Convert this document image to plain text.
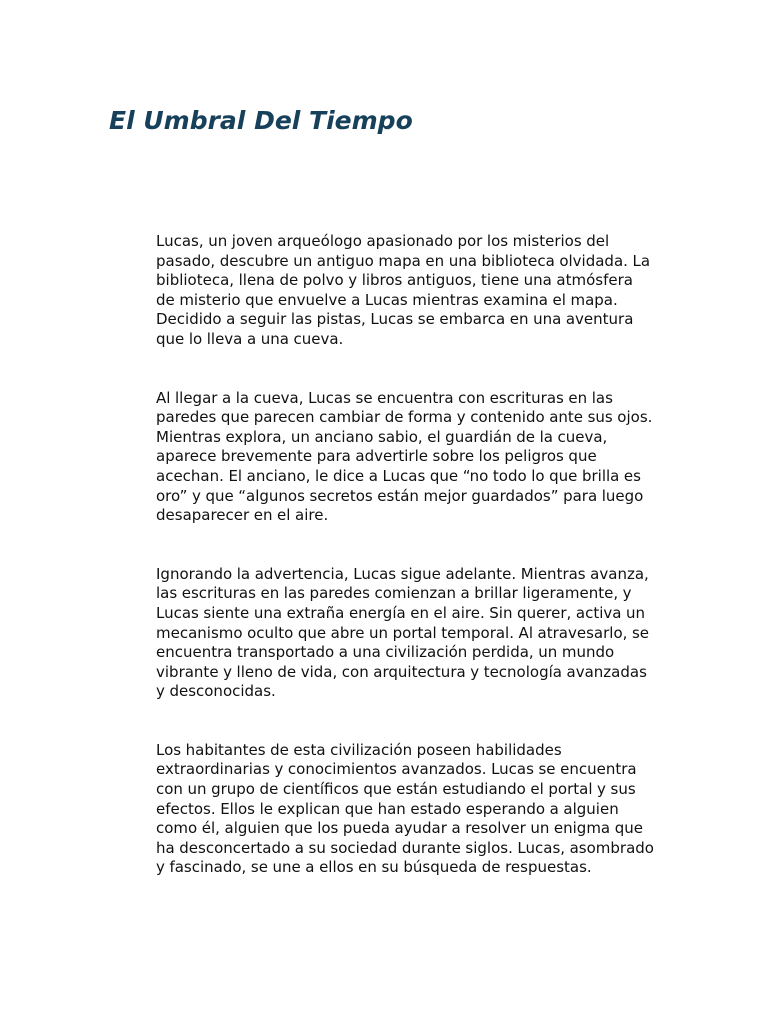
El Umbral Del Tiempo

Lucas, un joven arqueólogo apasionado por los misterios del pasado, descubre un antiguo mapa en una biblioteca olvidada. La biblioteca, llena de polvo y libros antiguos, tiene una atmósfera de misterio que envuelve a Lucas mientras examina el mapa. Decidido a seguir las pistas, Lucas se embarca en una aventura que lo lleva a una cueva.

Al llegar a la cueva, Lucas se encuentra con escrituras en las paredes que parecen cambiar de forma y contenido ante sus ojos. Mientras explora, un anciano sabio, el guardián de la cueva, aparece brevemente para advertirle sobre los peligros que acechan. El anciano, le dice a Lucas que “no todo lo que brilla es oro” y que “algunos secretos están mejor guardados” para luego desaparecer en el aire.

Ignorando la advertencia, Lucas sigue adelante. Mientras avanza, las escrituras en las paredes comienzan a brillar ligeramente, y Lucas siente una extraña energía en el aire. Sin querer, activa un mecanismo oculto que abre un portal temporal. Al atravesarlo, se encuentra transportado a una civilización perdida, un mundo vibrante y lleno de vida, con arquitectura y tecnología avanzadas y desconocidas.

Los habitantes de esta civilización poseen habilidades extraordinarias y conocimientos avanzados. Lucas se encuentra con un grupo de científicos que están estudiando el portal y sus efectos. Ellos le explican que han estado esperando a alguien como él, alguien que los pueda ayudar a resolver un enigma que ha desconcertado a su sociedad durante siglos. Lucas, asombrado y fascinado, se une a ellos en su búsqueda de respuestas.
